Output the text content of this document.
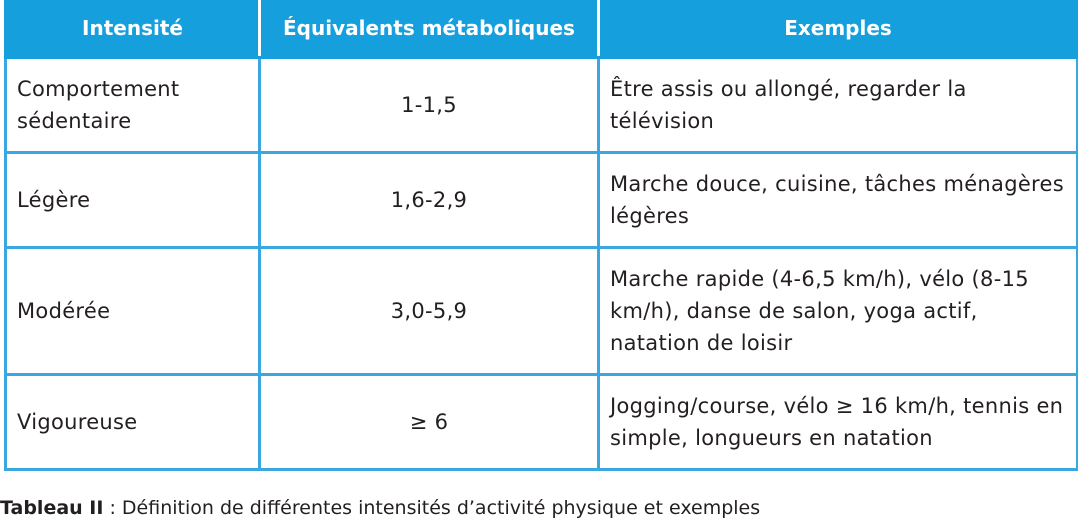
Intensité	Équivalents métaboliques	Exemples
Comportement sédentaire	1-1,5	Être assis ou allongé, regarder la télévision
Légère	1,6-2,9	Marche douce, cuisine, tâches ménagères légères
Modérée	3,0-5,9	Marche rapide (4-6,5 km/h), vélo (8-15 km/h), danse de salon, yoga actif, natation de loisir
Vigoureuse	≥ 6	Jogging/course, vélo ≥ 16 km/h, tennis en simple, longueurs en natation
Tableau II : Définition de différentes intensités d’activité physique et exemples
